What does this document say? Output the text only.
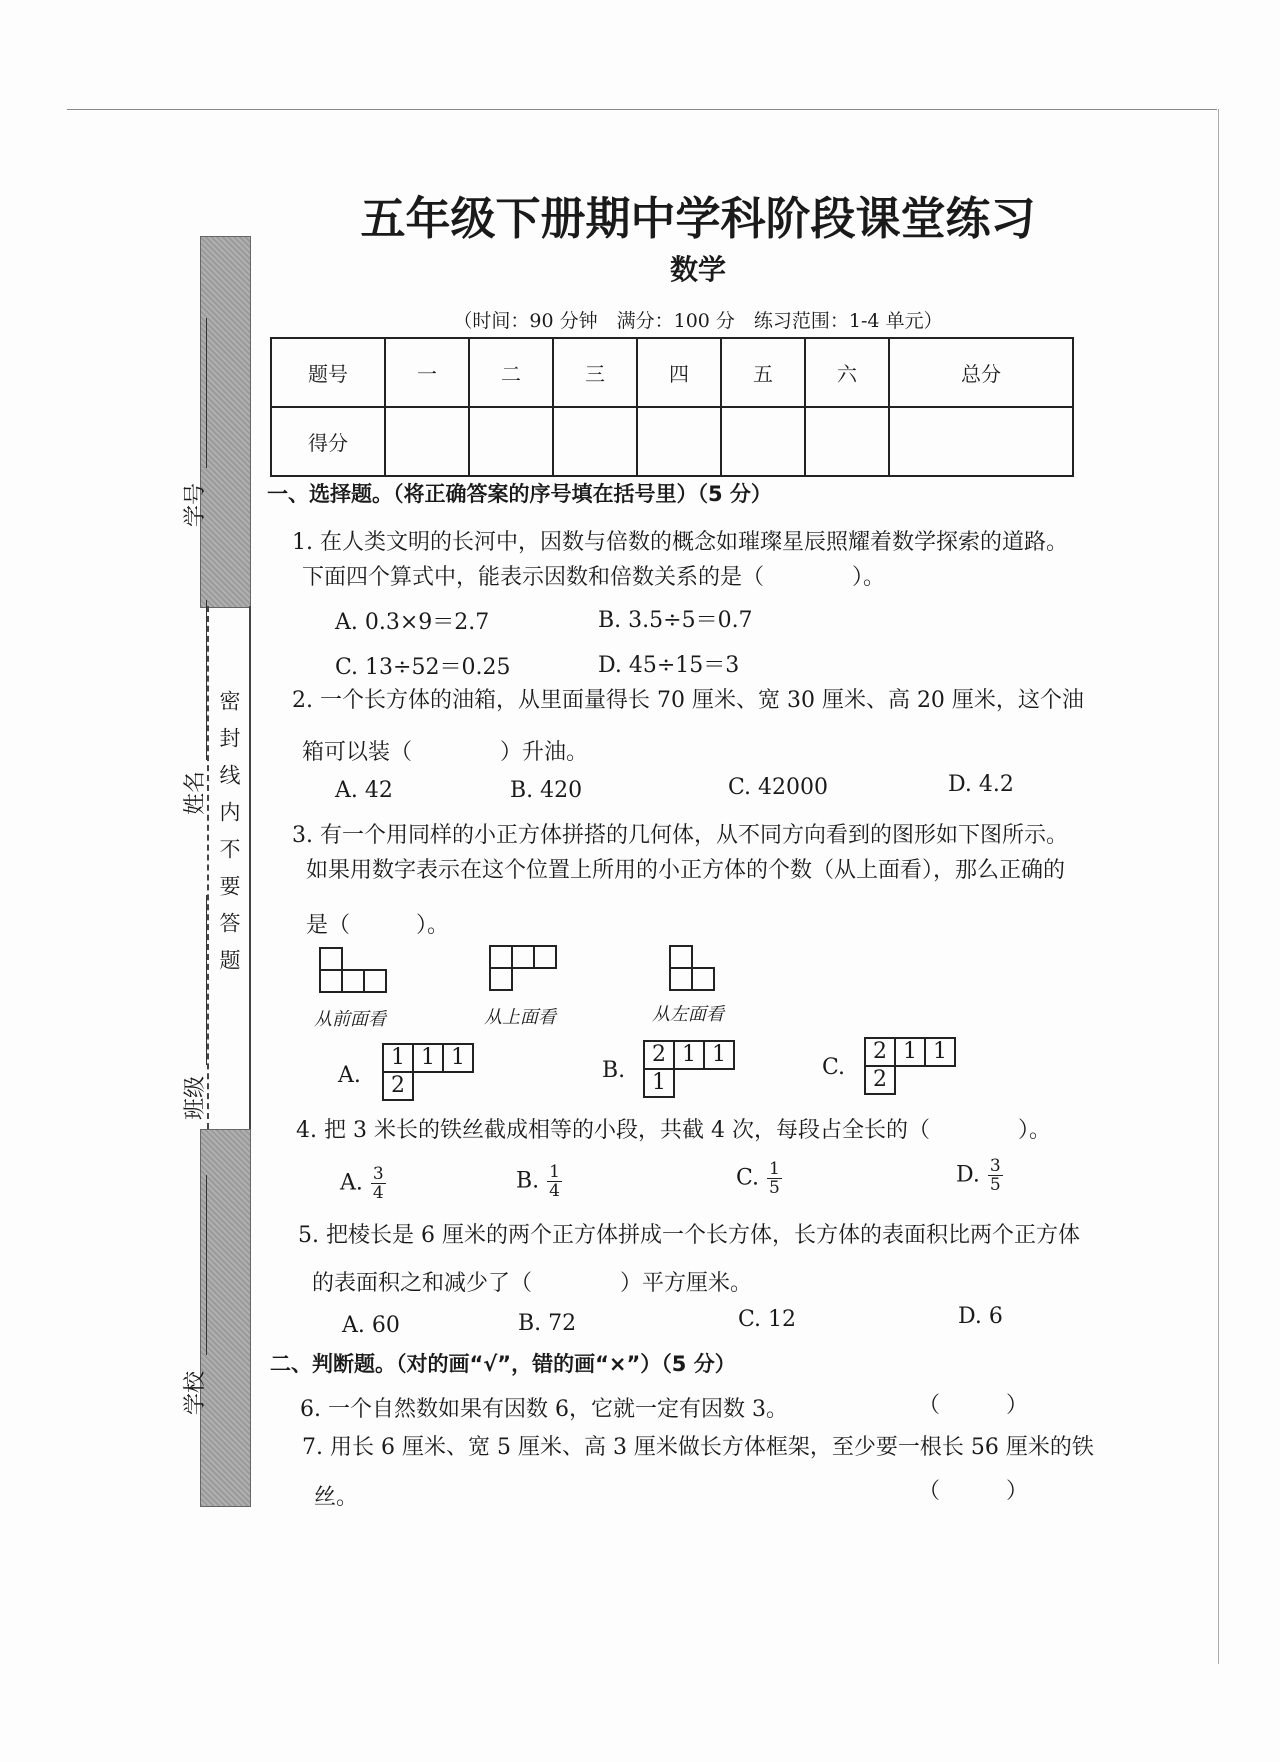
五年级下册期中学科阶段课堂练习
数学
（时间：90 分钟　满分：100 分　练习范围：1-4 单元）
题号	一	二	三	四	五	六	总分
得分							
密封线内不要答题
学号
姓名
班级
学校
一、选择题。（将正确答案的序号填在括号里）（5 分）
1. 在人类文明的长河中，因数与倍数的概念如璀璨星辰照耀着数学探索的道路。
下面四个算式中，能表示因数和倍数关系的是（　　　　）。
A. 0.3×9＝2.7	B. 3.5÷5＝0.7
C. 13÷52＝0.25	D. 45÷15＝3
2. 一个长方体的油箱，从里面量得长 70 厘米、宽 30 厘米、高 20 厘米，这个油
箱可以装（　　　　）升油。
A. 42	B. 420	C. 42000	D. 4.2
3. 有一个用同样的小正方体拼搭的几何体，从不同方向看到的图形如下图所示。
如果用数字表示在这个位置上所用的小正方体的个数（从上面看），那么正确的
是（　　　）。
从前面看	从上面看	从左面看
A.
1	1	1
2		
B.
2	1	1
1		
C.
2	1	1
2		
4. 把 3 米长的铁丝截成相等的小段，共截 4 次，每段占全长的（　　　　）。
A. $\frac{3}{4}$	B. $\frac{1}{4}$	C. $\frac{1}{5}$	D. $\frac{3}{5}$
5. 把棱长是 6 厘米的两个正方体拼成一个长方体，长方体的表面积比两个正方体
的表面积之和减少了（　　　　）平方厘米。
A. 60	B. 72	C. 12	D. 6
二、判断题。（对的画“√”，错的画“×”）（5 分）
6. 一个自然数如果有因数 6，它就一定有因数 3。	（　　　）
7. 用长 6 厘米、宽 5 厘米、高 3 厘米做长方体框架，至少要一根长 56 厘米的铁
丝。	（　　　）
